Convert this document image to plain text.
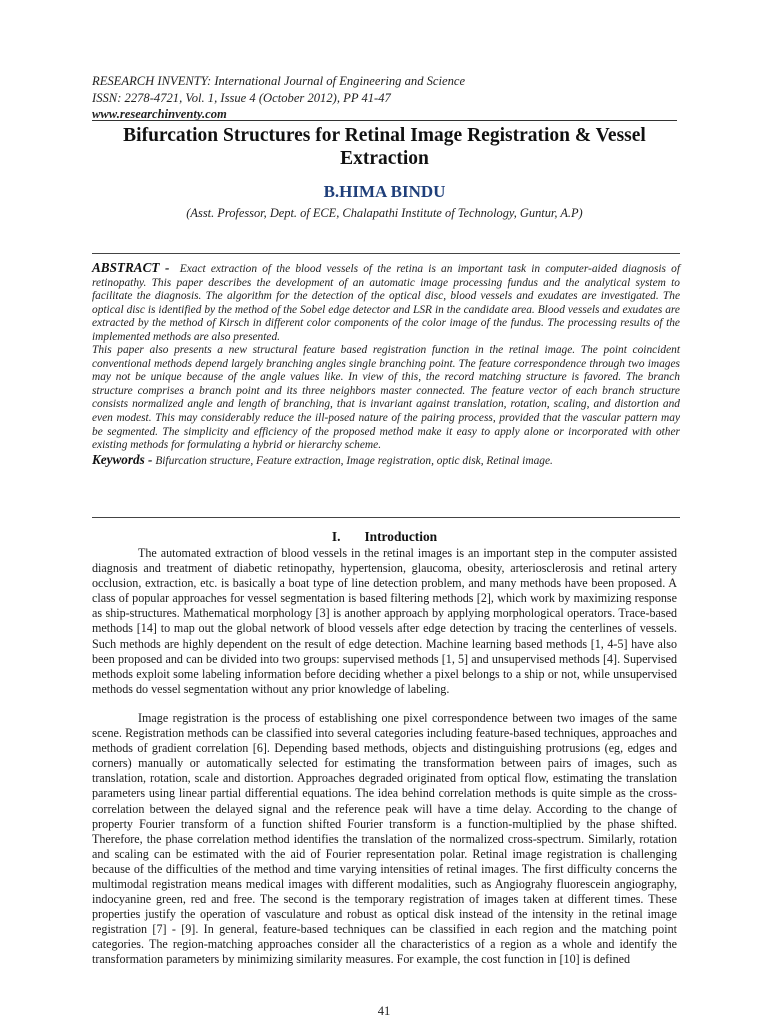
RESEARCH INVENTY: International Journal of Engineering and Science
ISSN: 2278-4721, Vol. 1, Issue 4 (October 2012), PP 41-47
www.researchinventy.com
Bifurcation Structures for Retinal Image Registration & Vessel Extraction
B.HIMA BINDU
(Asst. Professor, Dept. of ECE, Chalapathi Institute of Technology, Guntur, A.P)

ABSTRACT - Exact extraction of the blood vessels of the retina is an important task in computer-aided diagnosis of retinopathy. This paper describes the development of an automatic image processing fundus and the analytical system to facilitate the diagnosis. The algorithm for the detection of the optical disc, blood vessels and exudates are investigated. The optical disc is identified by the method of the Sobel edge detector and LSR in the candidate area. Blood vessels and exudates are extracted by the method of Kirsch in different color components of the color image of the fundus. The processing results of the implemented methods are also presented.

This paper also presents a new structural feature based registration function in the retinal image. The point coincident conventional methods depend largely branching angles single branching point. The feature correspondence through two images may not be unique because of the angle values like. In view of this, the record matching structure is favored. The branch structure comprises a branch point and its three neighbors master connected. The feature vector of each branch structure consists normalized angle and length of branching, that is invariant against translation, rotation, scaling, and distortion and even modest. This may considerably reduce the ill-posed nature of the pairing process, provided that the vascular pattern may be segmented. The simplicity and efficiency of the proposed method make it easy to apply alone or incorporated with other existing methods for formulating a hybrid or hierarchy scheme.

Keywords - Bifurcation structure, Feature extraction, Image registration, optic disk, Retinal image.

I. Introduction

The automated extraction of blood vessels in the retinal images is an important step in the computer assisted diagnosis and treatment of diabetic retinopathy, hypertension, glaucoma, obesity, arteriosclerosis and retinal artery occlusion, extraction, etc. is basically a boat type of line detection problem, and many methods have been proposed. A class of popular approaches for vessel segmentation is based filtering methods [2], which work by maximizing response as ship-structures. Mathematical morphology [3] is another approach by applying morphological operators. Trace-based methods [14] to map out the global network of blood vessels after edge detection by tracing the centerlines of vessels. Such methods are highly dependent on the result of edge detection. Machine learning based methods [1, 4-5] have also been proposed and can be divided into two groups: supervised methods [1, 5] and unsupervised methods [4]. Supervised methods exploit some labeling information before deciding whether a pixel belongs to a ship or not, while unsupervised methods do vessel segmentation without any prior knowledge of labeling.

Image registration is the process of establishing one pixel correspondence between two images of the same scene. Registration methods can be classified into several categories including feature-based techniques, approaches and methods of gradient correlation [6]. Depending based methods, objects and distinguishing protrusions (eg, edges and corners) manually or automatically selected for estimating the transformation between pairs of images, such as translation, rotation, scale and distortion. Approaches degraded originated from optical flow, estimating the translation parameters using linear partial differential equations. The idea behind correlation methods is quite simple as the cross-correlation between the delayed signal and the reference peak will have a time delay. According to the change of property Fourier transform of a function shifted Fourier transform is a function-multiplied by the phase shifted. Therefore, the phase correlation method identifies the translation of the normalized cross-spectrum. Similarly, rotation and scaling can be estimated with the aid of Fourier representation polar. Retinal image registration is challenging because of the difficulties of the method and time varying intensities of retinal images. The first difficulty concerns the multimodal registration means medical images with different modalities, such as Angiograhy fluorescein angiography, indocyanine green, red and free. The second is the temporary registration of images taken at different times. These properties justify the operation of vasculature and robust as optical disk instead of the intensity in the retinal image registration [7] - [9]. In general, feature-based techniques can be classified in each region and the matching point categories. The region-matching approaches consider all the characteristics of a region as a whole and identify the transformation parameters by minimizing similarity measures. For example, the cost function in [10] is defined

41
